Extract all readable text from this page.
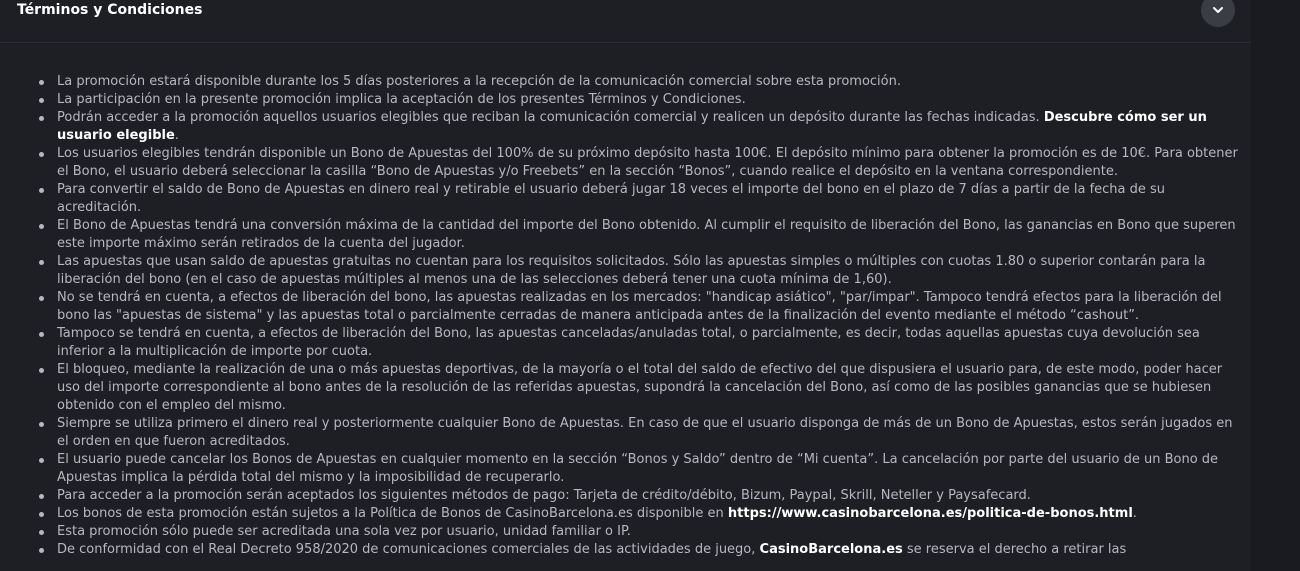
Términos y Condiciones
La promoción estará disponible durante los 5 días posteriores a la recepción de la comunicación comercial sobre esta promoción.
La participación en la presente promoción implica la aceptación de los presentes Términos y Condiciones.
Podrán acceder a la promoción aquellos usuarios elegibles que reciban la comunicación comercial y realicen un depósito durante las fechas indicadas. Descubre cómo ser un usuario elegible.
Los usuarios elegibles tendrán disponible un Bono de Apuestas del 100% de su próximo depósito hasta 100€. El depósito mínimo para obtener la promoción es de 10€. Para obtener el Bono, el usuario deberá seleccionar la casilla “Bono de Apuestas y/o Freebets” en la sección “Bonos”, cuando realice el depósito en la ventana correspondiente.
Para convertir el saldo de Bono de Apuestas en dinero real y retirable el usuario deberá jugar 18 veces el importe del bono en el plazo de 7 días a partir de la fecha de su acreditación.
El Bono de Apuestas tendrá una conversión máxima de la cantidad del importe del Bono obtenido. Al cumplir el requisito de liberación del Bono, las ganancias en Bono que superen este importe máximo serán retirados de la cuenta del jugador.
Las apuestas que usan saldo de apuestas gratuitas no cuentan para los requisitos solicitados. Sólo las apuestas simples o múltiples con cuotas 1.80 o superior contarán para la liberación del bono (en el caso de apuestas múltiples al menos una de las selecciones deberá tener una cuota mínima de 1,60).
No se tendrá en cuenta, a efectos de liberación del bono, las apuestas realizadas en los mercados: "handicap asiático", "par/impar". Tampoco tendrá efectos para la liberación del bono las "apuestas de sistema" y las apuestas total o parcialmente cerradas de manera anticipada antes de la finalización del evento mediante el método “cashout”.
Tampoco se tendrá en cuenta, a efectos de liberación del Bono, las apuestas canceladas/anuladas total, o parcialmente, es decir, todas aquellas apuestas cuya devolución sea inferior a la multiplicación de importe por cuota.
El bloqueo, mediante la realización de una o más apuestas deportivas, de la mayoría o el total del saldo de efectivo del que dispusiera el usuario para, de este modo, poder hacer uso del importe correspondiente al bono antes de la resolución de las referidas apuestas, supondrá la cancelación del Bono, así como de las posibles ganancias que se hubiesen obtenido con el empleo del mismo.
Siempre se utiliza primero el dinero real y posteriormente cualquier Bono de Apuestas. En caso de que el usuario disponga de más de un Bono de Apuestas, estos serán jugados en el orden en que fueron acreditados.
El usuario puede cancelar los Bonos de Apuestas en cualquier momento en la sección “Bonos y Saldo” dentro de “Mi cuenta”. La cancelación por parte del usuario de un Bono de Apuestas implica la pérdida total del mismo y la imposibilidad de recuperarlo.
Para acceder a la promoción serán aceptados los siguientes métodos de pago: Tarjeta de crédito/débito, Bizum, Paypal, Skrill, Neteller y Paysafecard.
Los bonos de esta promoción están sujetos a la Política de Bonos de CasinoBarcelona.es disponible en https://www.casinobarcelona.es/politica-de-bonos.html.
Esta promoción sólo puede ser acreditada una sola vez por usuario, unidad familiar o IP.
De conformidad con el Real Decreto 958/2020 de comunicaciones comerciales de las actividades de juego, CasinoBarcelona.es se reserva el derecho a retirar las
